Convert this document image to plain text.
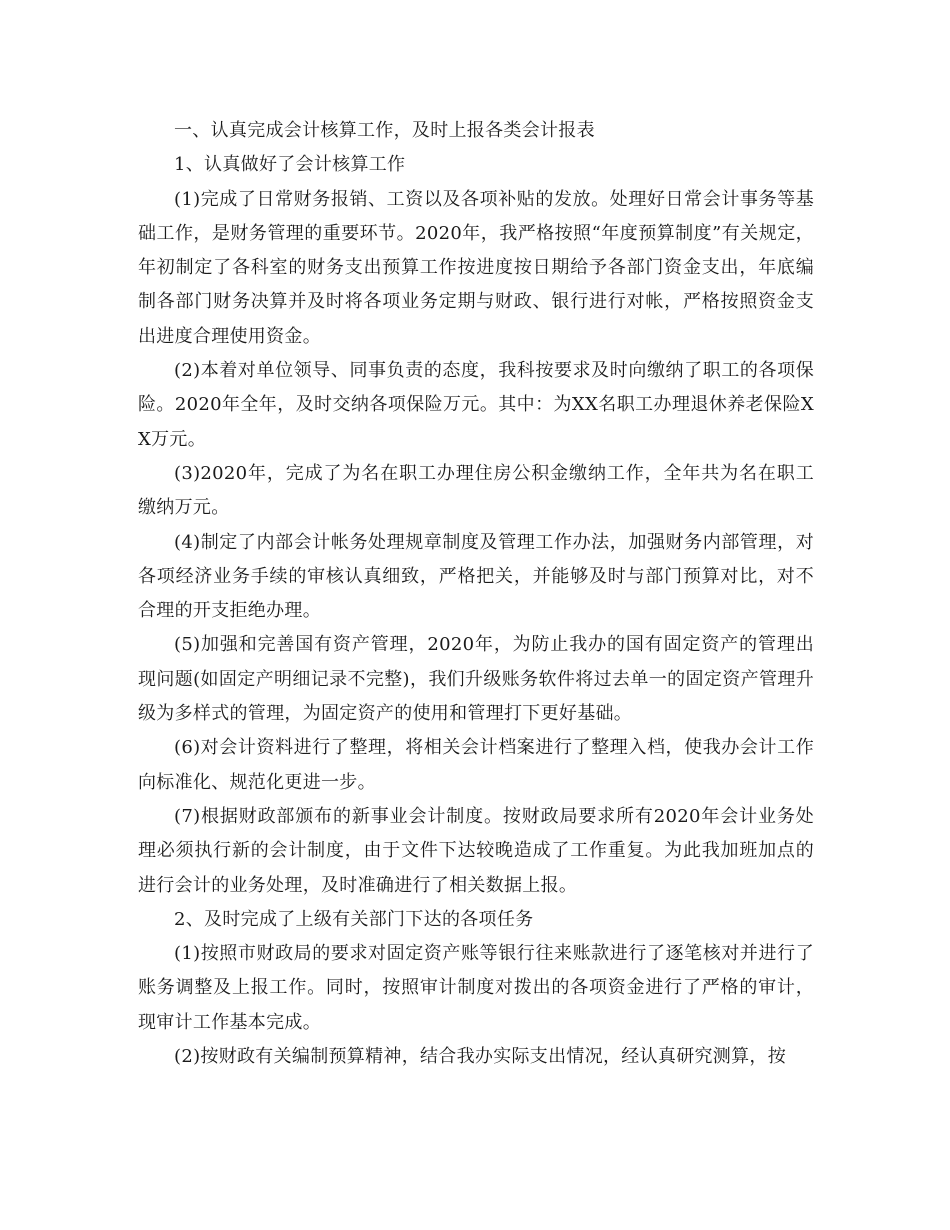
一、认真完成会计核算工作，及时上报各类会计报表

1、认真做好了会计核算工作

(1)完成了日常财务报销、工资以及各项补贴的发放。处理好日常会计事务等基础工作，是财务管理的重要环节。2020年，我严格按照“年度预算制度”有关规定，年初制定了各科室的财务支出预算工作按进度按日期给予各部门资金支出，年底编制各部门财务决算并及时将各项业务定期与财政、银行进行对帐，严格按照资金支出进度合理使用资金。

(2)本着对单位领导、同事负责的态度，我科按要求及时向缴纳了职工的各项保险。2020年全年，及时交纳各项保险万元。其中：为XX名职工办理退休养老保险XX万元。

(3)2020年，完成了为名在职工办理住房公积金缴纳工作，全年共为名在职工缴纳万元。

(4)制定了内部会计帐务处理规章制度及管理工作办法，加强财务内部管理，对各项经济业务手续的审核认真细致，严格把关，并能够及时与部门预算对比，对不合理的开支拒绝办理。

(5)加强和完善国有资产管理，2020年，为防止我办的国有固定资产的管理出现问题(如固定产明细记录不完整)，我们升级账务软件将过去单一的固定资产管理升级为多样式的管理，为固定资产的使用和管理打下更好基础。

(6)对会计资料进行了整理，将相关会计档案进行了整理入档，使我办会计工作向标准化、规范化更进一步。

(7)根据财政部颁布的新事业会计制度。按财政局要求所有2020年会计业务处理必须执行新的会计制度，由于文件下达较晚造成了工作重复。为此我加班加点的进行会计的业务处理，及时准确进行了相关数据上报。

2、及时完成了上级有关部门下达的各项任务

(1)按照市财政局的要求对固定资产账等银行往来账款进行了逐笔核对并进行了账务调整及上报工作。同时，按照审计制度对拨出的各项资金进行了严格的审计，现审计工作基本完成。

(2)按财政有关编制预算精神，结合我办实际支出情况，经认真研究测算，按
